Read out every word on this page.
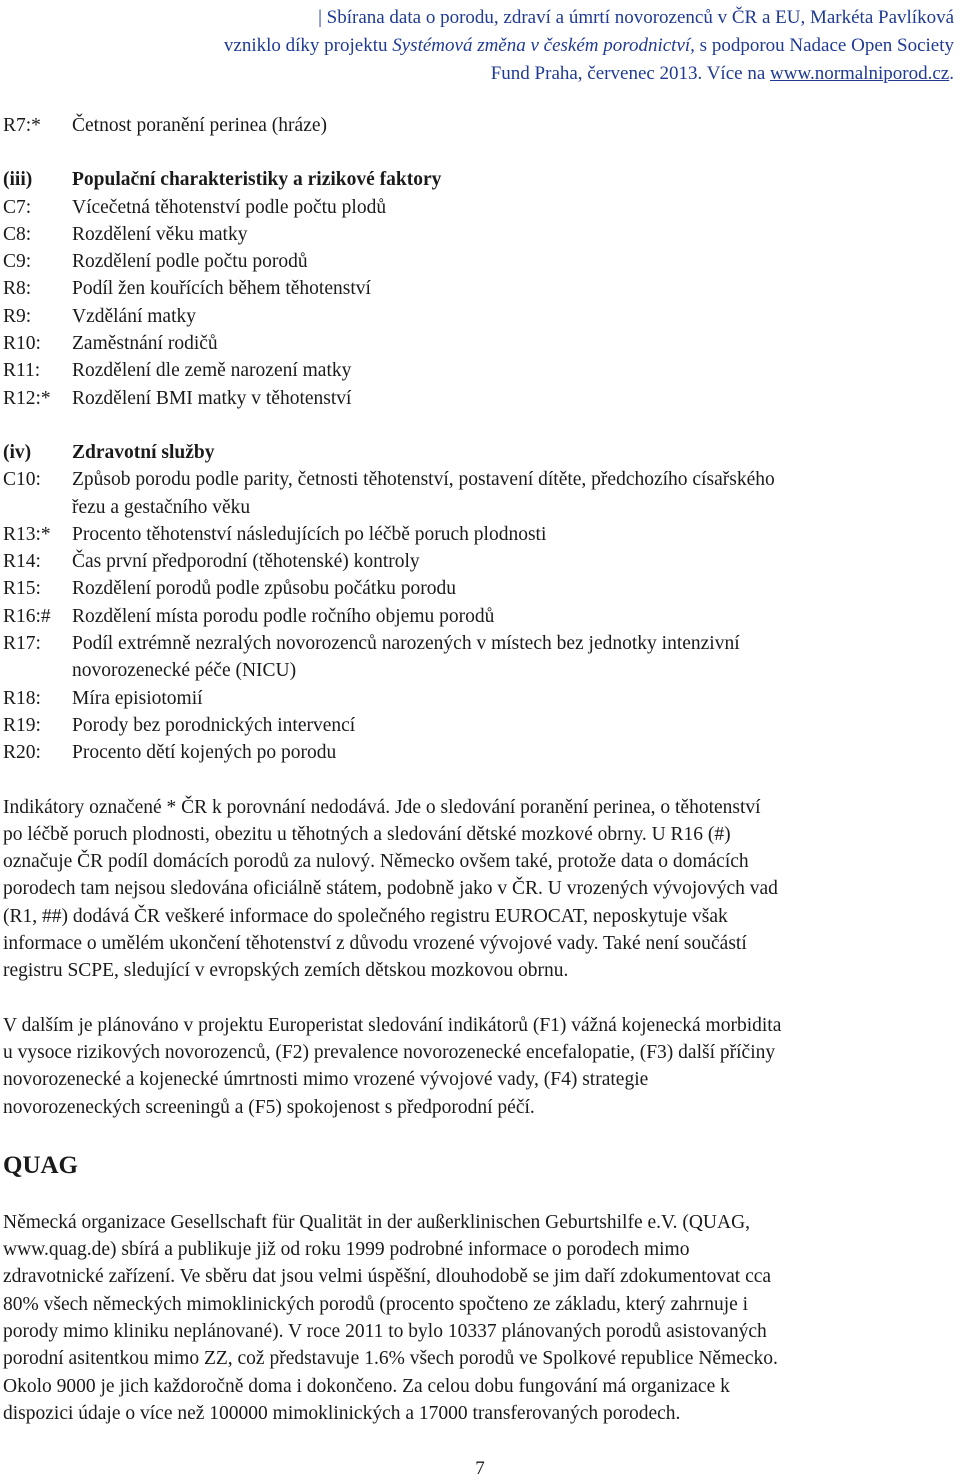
| Sbírana data o porodu, zdraví a úmrtí novorozenců v ČR a EU, Markéta Pavlíková
vzniklo díky projektu Systémová změna v českém porodnictví, s podporou Nadace Open Society
Fund Praha, červenec 2013. Více na www.normalniporod.cz.
R7:*	Četnost poranění perinea (hráze)
(iii)	Populační charakteristiky a rizikové faktory
C7:	Vícečetná těhotenství podle počtu plodů
C8:	Rozdělení věku matky
C9:	Rozdělení podle počtu porodů
R8:	Podíl žen kouřících během těhotenství
R9:	Vzdělání matky
R10:	Zaměstnání rodičů
R11:	Rozdělení dle země narození matky
R12:*	Rozdělení BMI matky v těhotenství
(iv)	Zdravotní služby
C10:	Způsob porodu podle parity, četnosti těhotenství, postavení dítěte, předchozího císařského
řezu a gestačního věku
R13:*	Procento těhotenství následujících po léčbě poruch plodnosti
R14:	Čas první předporodní (těhotenské) kontroly
R15:	Rozdělení porodů podle způsobu počátku porodu
R16:#	Rozdělení místa porodu podle ročního objemu porodů
R17:	Podíl extrémně nezralých novorozenců narozených v místech bez jednotky intenzivní
novorozenecké péče (NICU)
R18:	Míra episiotomií
R19:	Porody bez porodnických intervencí
R20:	Procento dětí kojených po porodu
Indikátory označené * ČR k porovnání nedodává. Jde o sledování poranění perinea, o těhotenství
po léčbě poruch plodnosti, obezitu u těhotných a sledování dětské mozkové obrny. U R16 (#)
označuje ČR podíl domácích porodů za nulový. Německo ovšem také, protože data o domácích
porodech tam nejsou sledována oficiálně státem, podobně jako v ČR. U vrozených vývojových vad
(R1, ##) dodává ČR veškeré informace do společného registru EUROCAT, neposkytuje však
informace o umělém ukončení těhotenství z důvodu vrozené vývojové vady. Také není součástí
registru SCPE, sledující v evropských zemích dětskou mozkovou obrnu.
V dalším je plánováno v projektu Europeristat sledování indikátorů (F1) vážná kojenecká morbidita
u vysoce rizikových novorozenců, (F2) prevalence novorozenecké encefalopatie, (F3) další příčiny
novorozenecké a kojenecké úmrtnosti mimo vrozené vývojové vady, (F4) strategie
novorozeneckých screeningů a (F5) spokojenost s předporodní péčí.
QUAG
Německá organizace Gesellschaft für Qualität in der außerklinischen Geburtshilfe e.V. (QUAG,
www.quag.de) sbírá a publikuje již od roku 1999 podrobné informace o porodech mimo
zdravotnické zařízení. Ve sběru dat jsou velmi úspěšní, dlouhodobě se jim daří zdokumentovat cca
80% všech německých mimoklinických porodů (procento spočteno ze základu, který zahrnuje i
porody mimo kliniku neplánované). V roce 2011 to bylo 10337 plánovaných porodů asistovaných
porodní asitentkou mimo ZZ, což představuje 1.6% všech porodů ve Spolkové republice Německo.
Okolo 9000 je jich každoročně doma i dokončeno. Za celou dobu fungování má organizace k
dispozici údaje o více než 100000 mimoklinických a 17000 transferovaných porodech.
7
